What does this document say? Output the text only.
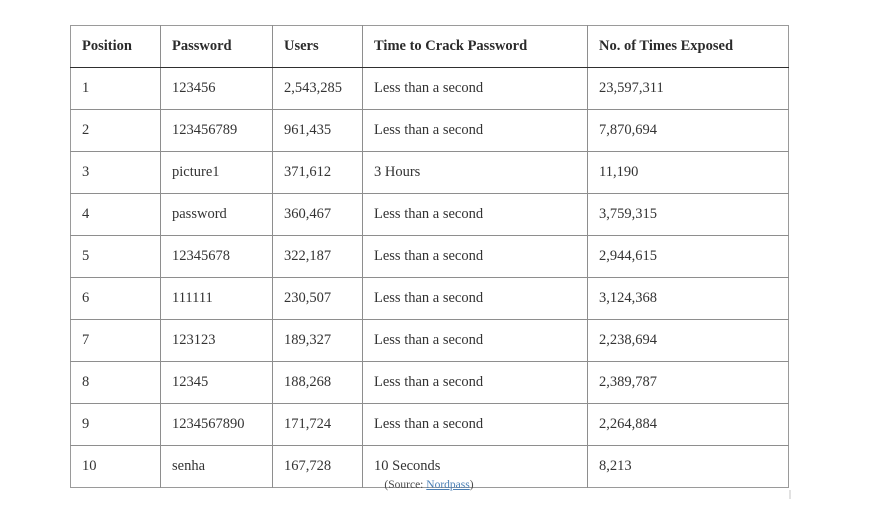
Position	Password	Users	Time to Crack Password	No. of Times Exposed
1	123456	2,543,285	Less than a second	23,597,311
2	123456789	961,435	Less than a second	7,870,694
3	picture1	371,612	3 Hours	11,190
4	password	360,467	Less than a second	3,759,315
5	12345678	322,187	Less than a second	2,944,615
6	111111	230,507	Less than a second	3,124,368
7	123123	189,327	Less than a second	2,238,694
8	12345	188,268	Less than a second	2,389,787
9	1234567890	171,724	Less than a second	2,264,884
10	senha	167,728	10 Seconds	8,213
(Source: Nordpass)
